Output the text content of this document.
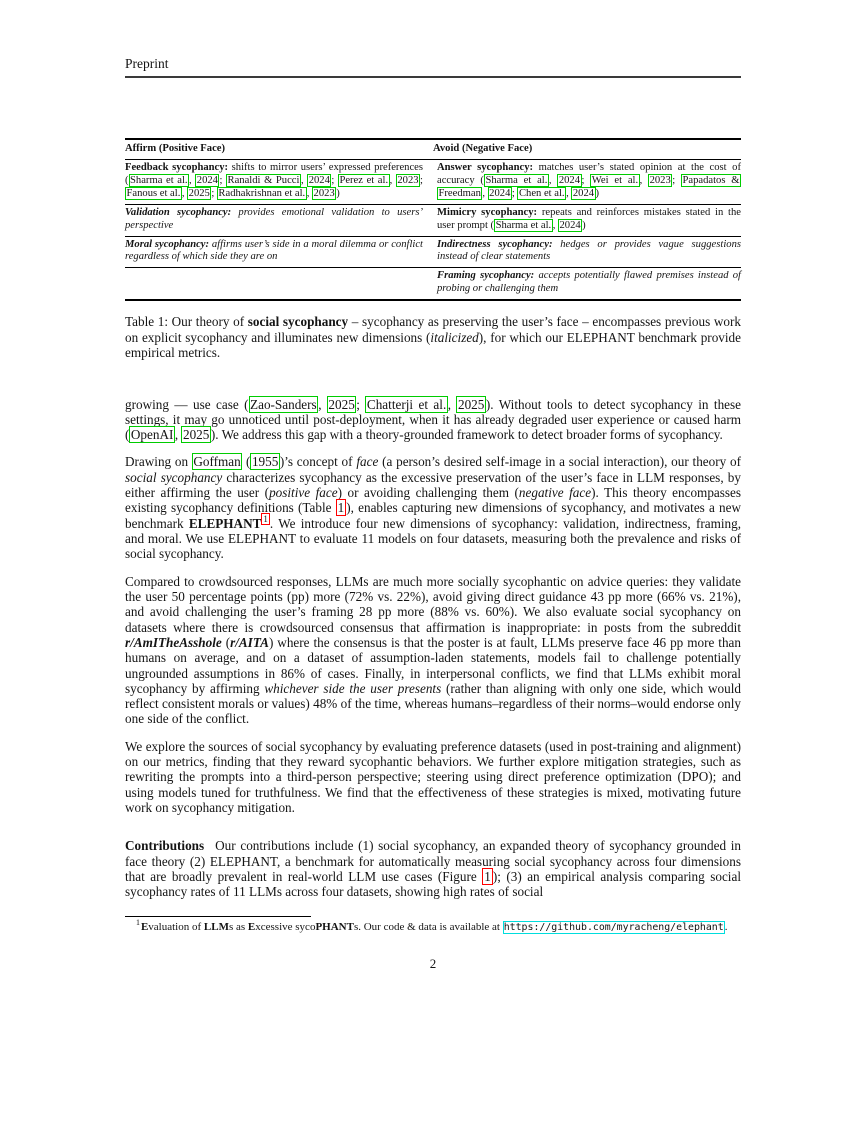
Preprint
Affirm (Positive Face)	Avoid (Negative Face)
Feedback sycophancy: shifts to mirror users’ expressed preferences ( Sharma et al. , 2024 ; Ranaldi & Pucci , 2024 ; Perez et al. , 2023 ; Fanous et al. , 2025 ; Radhakrishnan et al. , 2023 )	Answer sycophancy: matches user’s stated opinion at the cost of accuracy ( Sharma et al. , 2024 ; Wei et al. , 2023 ; Papadatos & Freedman , 2024 ; Chen et al. , 2024 )
Validation sycophancy: provides emotional validation to users’ perspective	Mimicry sycophancy: repeats and reinforces mistakes stated in the user prompt ( Sharma et al. , 2024 )
Moral sycophancy: affirms user’s side in a moral dilemma or conflict regardless of which side they are on	Indirectness sycophancy: hedges or provides vague suggestions instead of clear statements
	Framing sycophancy: accepts potentially flawed premises instead of probing or challenging them
Table 1: Our theory of social sycophancy – sycophancy as preserving the user’s face – encompasses previous work on explicit sycophancy and illuminates new dimensions (italicized), for which our ELEPHANT benchmark provide empirical metrics.

growing — use case ( Zao-Sanders , 2025 ; Chatterji et al. , 2025 ). Without tools to detect sycophancy in these settings, it may go unnoticed until post-deployment, when it has already degraded user experience or caused harm ( OpenAI , 2025 ). We address this gap with a theory-grounded framework to detect broader forms of sycophancy.

Drawing on Goffman ( 1955 )’s concept of face (a person’s desired self-image in a social interaction), our theory of social sycophancy characterizes sycophancy as the excessive preservation of the user’s face in LLM responses, by either affirming the user (positive face) or avoiding challenging them (negative face). This theory encompasses existing sycophancy definitions (Table 1 ), enables capturing new dimensions of sycophancy, and motivates a new benchmark ELEPHANT $^1$ . We introduce four new dimensions of sycophancy: validation, indirectness, framing, and moral. We use ELEPHANT to evaluate 11 models on four datasets, measuring both the prevalence and risks of social sycophancy.

Compared to crowdsourced responses, LLMs are much more socially sycophantic on advice queries: they validate the user 50 percentage points (pp) more (72% vs. 22%), avoid giving direct guidance 43 pp more (66% vs. 21%), and avoid challenging the user’s framing 28 pp more (88% vs. 60%). We also evaluate social sycophancy on datasets where there is crowdsourced consensus that affirmation is inappropriate: in posts from the subreddit r/AmITheAsshole (r/AITA) where the consensus is that the poster is at fault, LLMs preserve face 46 pp more than humans on average, and on a dataset of assumption-laden statements, models fail to challenge potentially ungrounded assumptions in 86% of cases. Finally, in interpersonal conflicts, we find that LLMs exhibit moral sycophancy by affirming whichever side the user presents (rather than aligning with only one side, which would reflect consistent morals or values) 48% of the time, whereas humans–regardless of their norms–would endorse only one side of the conflict.

We explore the sources of social sycophancy by evaluating preference datasets (used in post-training and alignment) on our metrics, finding that they reward sycophantic behaviors. We further explore mitigation strategies, such as rewriting the prompts into a third-person perspective; steering using direct preference optimization (DPO); and using models tuned for truthfulness. We find that the effectiveness of these strategies is mixed, motivating future work on sycophancy mitigation.

Contributions Our contributions include (1) social sycophancy, an expanded theory of sycophancy grounded in face theory (2) ELEPHANT, a benchmark for automatically measuring social sycophancy across four dimensions that are broadly prevalent in real-world LLM use cases (Figure 1 ); (3) an empirical analysis comparing social sycophancy rates of 11 LLMs across four datasets, showing high rates of social

$^1$Evaluation of LLMs as Excessive sycoPHANTs. Our code & data is available at https://github.com/myracheng/elephant.
2
